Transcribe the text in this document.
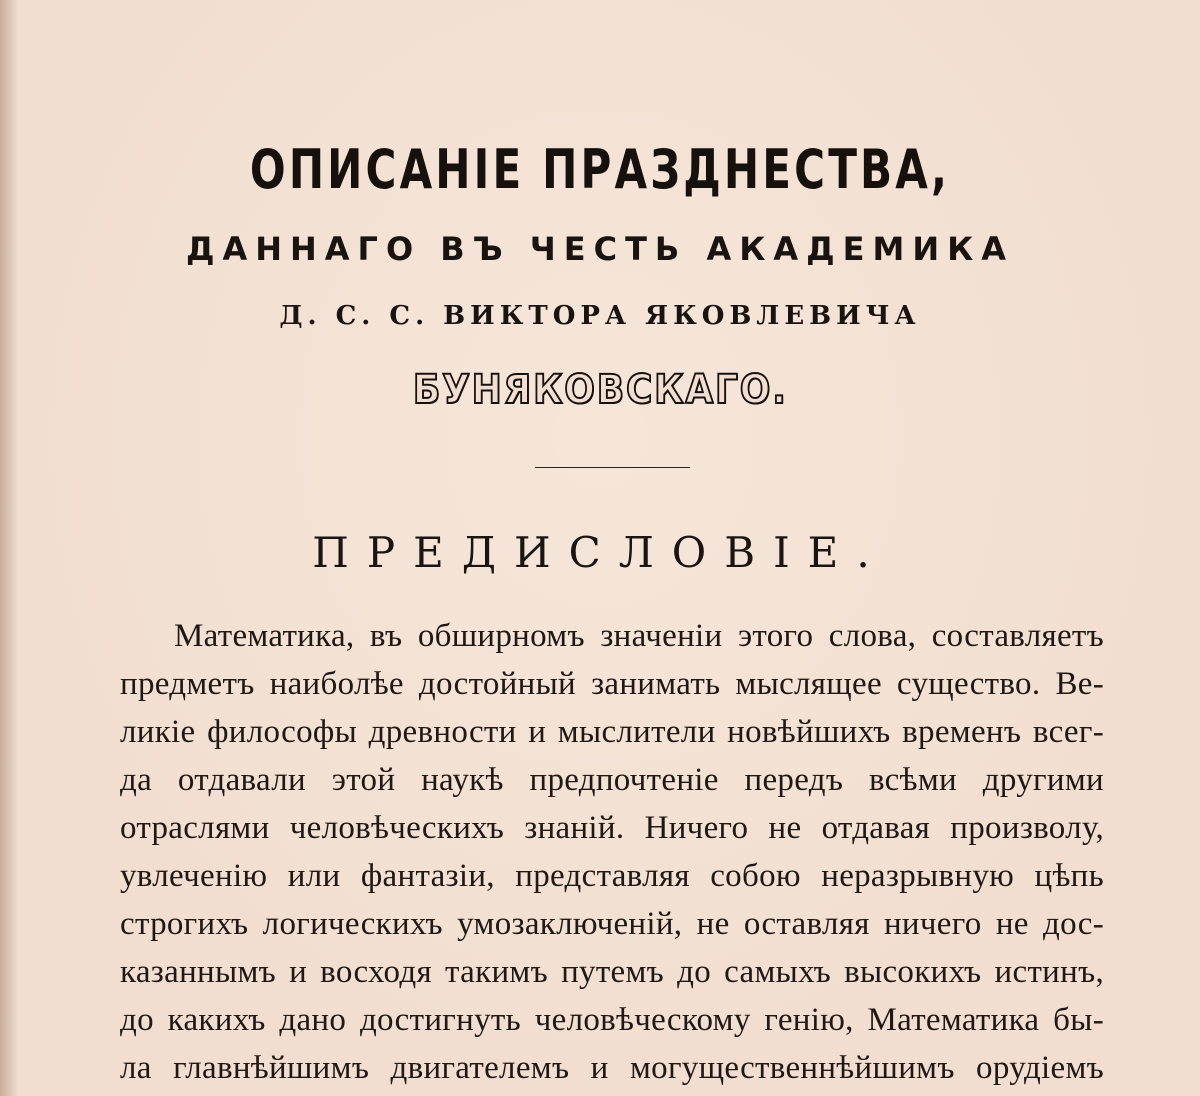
ОПИСАНІЕ ПРАЗДНЕСТВА,
ДАННАГО ВЪ ЧЕСТЬ АКАДЕМИКА
Д. С. С. ВИКТОРА ЯКОВЛЕВИЧА
БУНЯКОВСКАГО.
ПРЕДИСЛОВІЕ.
Математика, въ обширномъ значеніи этого слова, составляетъ
предметъ наиболѣе достойный занимать мыслящее существо. Ве-
ликіе философы древности и мыслители новѣйшихъ временъ всег-
да отдавали этой наукѣ предпочтеніе передъ всѣми другими
отраслями человѣческихъ знаній. Ничего не отдавая произволу,
увлеченію или фантазіи, представляя собою неразрывную цѣпь
строгихъ логическихъ умозаключеній, не оставляя ничего не дос-
казаннымъ и восходя такимъ путемъ до самыхъ высокихъ истинъ,
до какихъ дано достигнуть человѣческому генію, Математика бы-
ла главнѣйшимъ двигателемъ и могущественнѣйшимъ орудіемъ
